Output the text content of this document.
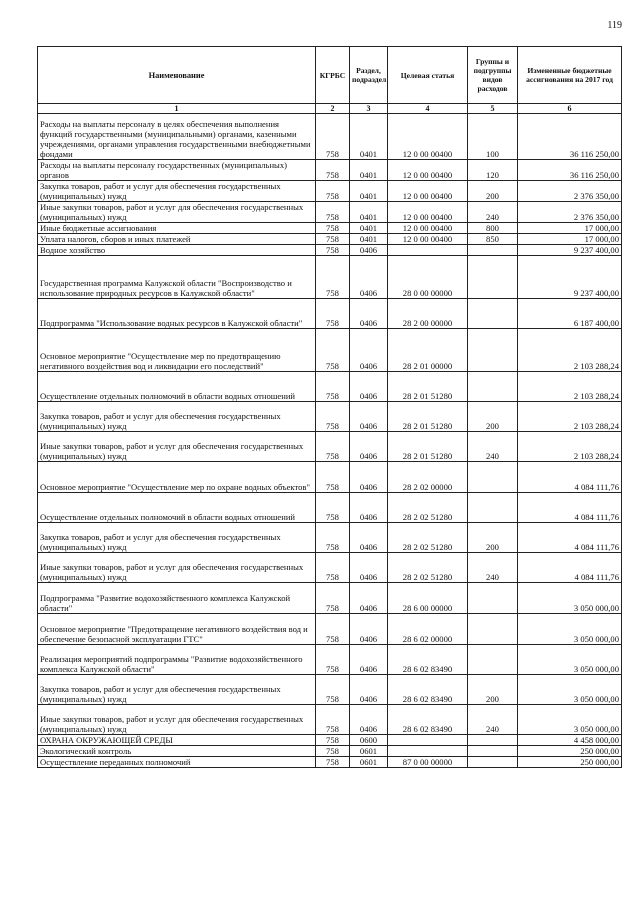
119
Наименование	КГРБС	Раздел, подраздел	Целевая статья	Группы и подгруппы видов расходов	Измененные бюджетные ассигнования на 2017 год
1	2	3	4	5	6
Расходы на выплаты персоналу в целях обеспечения выполнения функций государственными (муниципальными) органами, казенными учреждениями, органами управления государственными внебюджетными фондами	758	0401	12 0 00 00400	100	36 116 250,00
Расходы на выплаты персоналу государственных (муниципальных) органов	758	0401	12 0 00 00400	120	36 116 250,00
Закупка товаров, работ и услуг для обеспечения государственных (муниципальных) нужд	758	0401	12 0 00 00400	200	2 376 350,00
Иные закупки товаров, работ и услуг для обеспечения государственных (муниципальных) нужд	758	0401	12 0 00 00400	240	2 376 350,00
Иные бюджетные ассигнования	758	0401	12 0 00 00400	800	17 000,00
Уплата налогов, сборов и иных платежей	758	0401	12 0 00 00400	850	17 000,00
Водное хозяйство	758	0406			9 237 400,00
Государственная программа Калужской области "Воспроизводство и использование природных ресурсов в Калужской области"	758	0406	28 0 00 00000		9 237 400,00
Подпрограмма "Использование водных ресурсов в Калужской области"	758	0406	28 2 00 00000		6 187 400,00
Основное мероприятие "Осуществление мер по предотвращению негативного воздействия вод и ликвидации его последствий"	758	0406	28 2 01 00000		2 103 288,24
Осуществление отдельных полномочий в области водных отношений	758	0406	28 2 01 51280		2 103 288,24
Закупка товаров, работ и услуг для обеспечения государственных (муниципальных) нужд	758	0406	28 2 01 51280	200	2 103 288,24
Иные закупки товаров, работ и услуг для обеспечения государственных (муниципальных) нужд	758	0406	28 2 01 51280	240	2 103 288,24
Основное мероприятие "Осуществление мер по охране водных объектов"	758	0406	28 2 02 00000		4 084 111,76
Осуществление отдельных полномочий в области водных отношений	758	0406	28 2 02 51280		4 084 111,76
Закупка товаров, работ и услуг для обеспечения государственных (муниципальных) нужд	758	0406	28 2 02 51280	200	4 084 111,76
Иные закупки товаров, работ и услуг для обеспечения государственных (муниципальных) нужд	758	0406	28 2 02 51280	240	4 084 111,76
Подпрограмма "Развитие водохозяйственного комплекса Калужской области"	758	0406	28 6 00 00000		3 050 000,00
Основное мероприятие "Предотвращение негативного воздействия вод и обеспечение безопасной эксплуатации ГТС"	758	0406	28 6 02 00000		3 050 000,00
Реализация мероприятий подпрограммы "Развитие водохозяйственного комплекса Калужской области"	758	0406	28 6 02 83490		3 050 000,00
Закупка товаров, работ и услуг для обеспечения государственных (муниципальных) нужд	758	0406	28 6 02 83490	200	3 050 000,00
Иные закупки товаров, работ и услуг для обеспечения государственных (муниципальных) нужд	758	0406	28 6 02 83490	240	3 050 000,00
ОХРАНА ОКРУЖАЮЩЕЙ СРЕДЫ	758	0600			4 458 000,00
Экологический контроль	758	0601			250 000,00
Осуществление переданных полномочий	758	0601	87 0 00 00000		250 000,00
